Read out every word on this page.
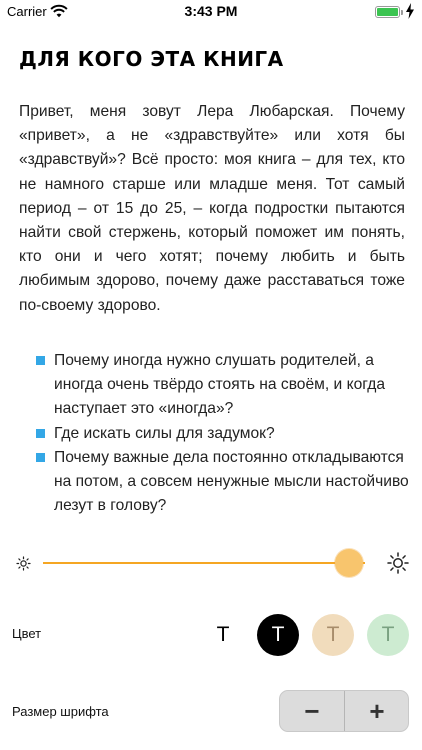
Carrier	3:43 PM
ДЛЯ КОГО ЭТА КНИГА

Привет, меня зовут Лера Любарская. Почему «привет», а не «здравствуйте» или хотя бы «здравствуй»? Всё просто: моя книга – для тех, кто не намного старше или младше меня. Тот самый период – от 15 до 25, – когда подростки пытаются найти свой стержень, который поможет им понять, кто они и чего хотят; почему любить и быть любимым здорово, почему даже расставаться тоже по-своему здорово.

Почему иногда нужно слушать родителей, а иногда очень твёрдо стоять на своём, и когда наступает это «иногда»?
Где искать силы для задумок?
Почему важные дела постоянно откладываются на потом, а совсем ненужные мысли настойчиво лезут в голову?
Цвет	Т	Т	Т	Т
Размер шрифта	−	+
